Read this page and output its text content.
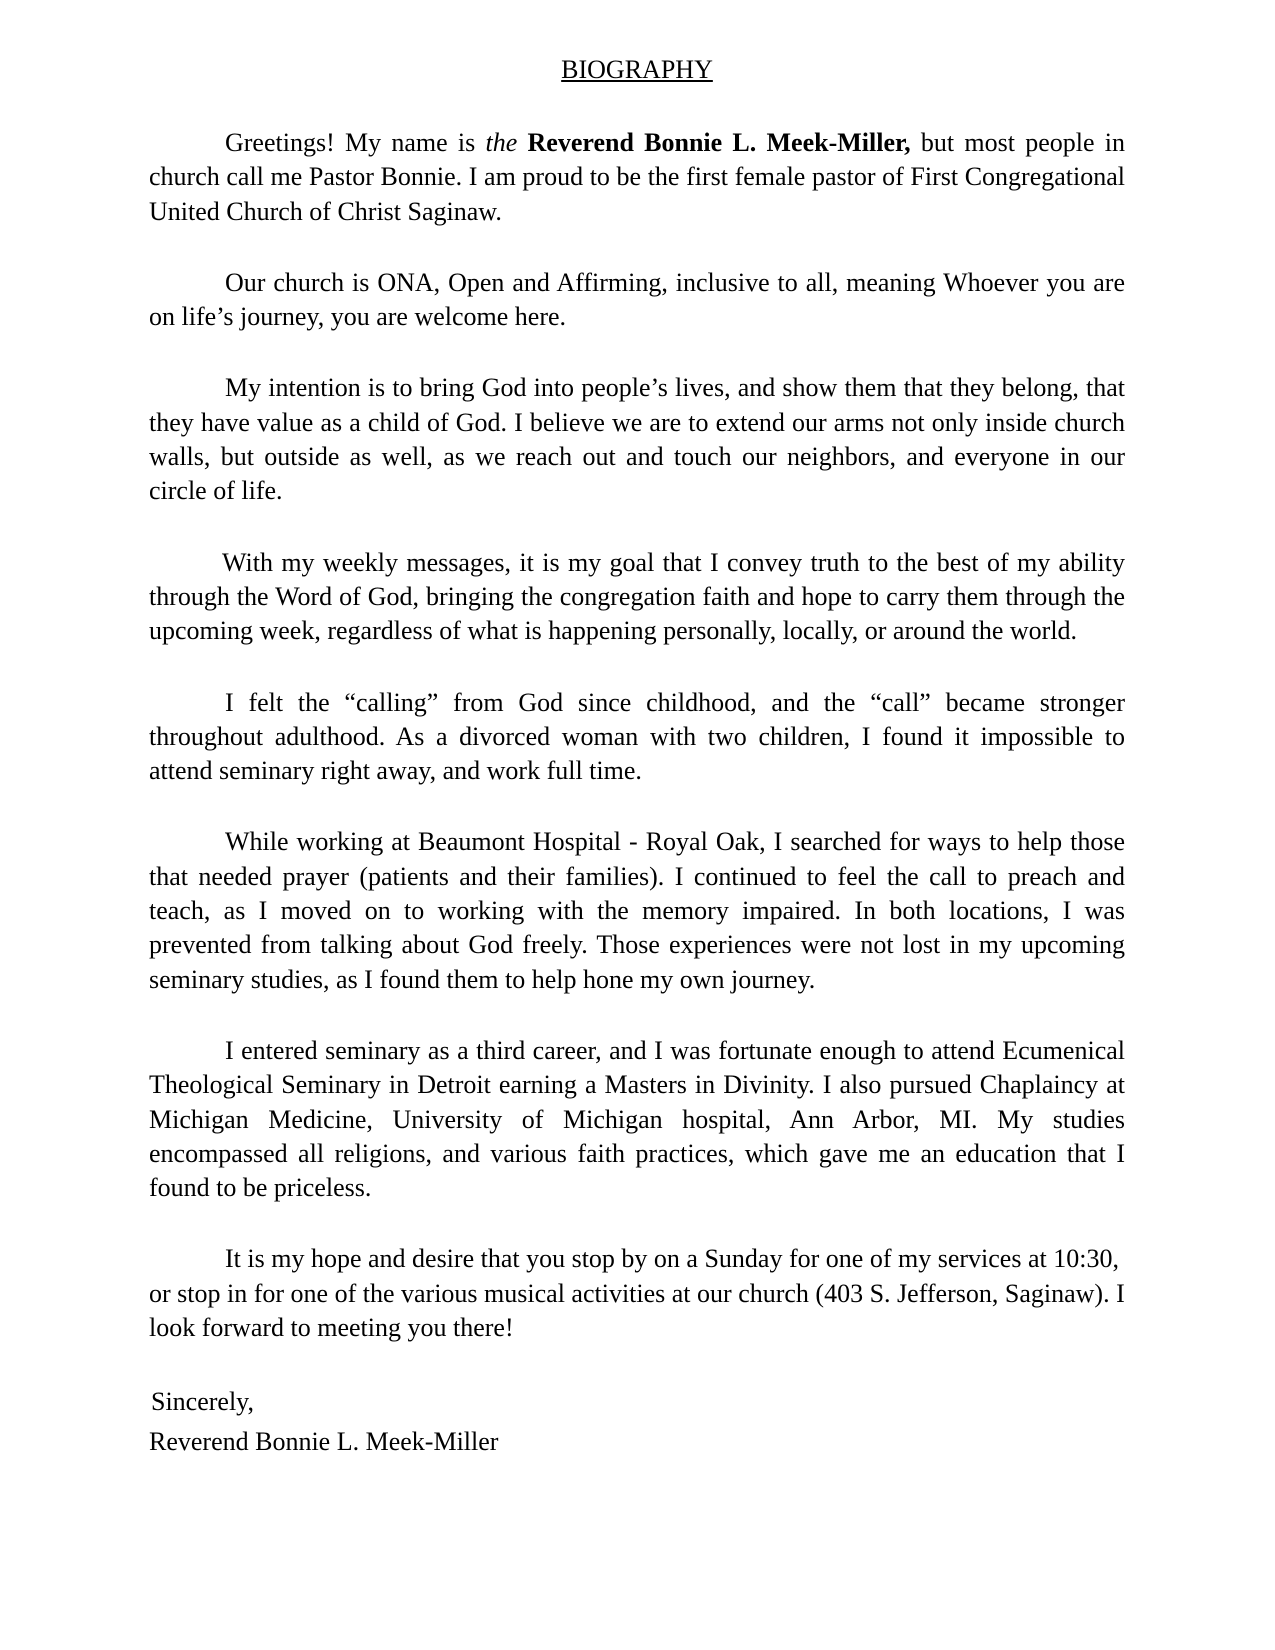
BIOGRAPHY

Greetings! My name is the Reverend Bonnie L. Meek-Miller, but most people in church call me Pastor Bonnie. I am proud to be the first female pastor of First Congregational United Church of Christ Saginaw.

Our church is ONA, Open and Affirming, inclusive to all, meaning Whoever you are on life’s journey, you are welcome here.

My intention is to bring God into people’s lives, and show them that they belong, that they have value as a child of God. I believe we are to extend our arms not only inside church walls, but outside as well, as we reach out and touch our neighbors, and everyone in our circle of life.

With my weekly messages, it is my goal that I convey truth to the best of my ability through the Word of God, bringing the congregation faith and hope to carry them through the upcoming week, regardless of what is happening personally, locally, or around the world.

I felt the “calling” from God since childhood, and the “call” became stronger throughout adulthood. As a divorced woman with two children, I found it impossible to attend seminary right away, and work full time.

While working at Beaumont Hospital - Royal Oak, I searched for ways to help those that needed prayer (patients and their families). I continued to feel the call to preach and teach, as I moved on to working with the memory impaired. In both locations, I was prevented from talking about God freely. Those experiences were not lost in my upcoming seminary studies, as I found them to help hone my own journey.

I entered seminary as a third career, and I was fortunate enough to attend Ecumenical Theological Seminary in Detroit earning a Masters in Divinity. I also pursued Chaplaincy at Michigan Medicine, University of Michigan hospital, Ann Arbor, MI. My studies encompassed all religions, and various faith practices, which gave me an education that I found to be priceless.

It is my hope and desire that you stop by on a Sunday for one of my services at 10:30, or stop in for one of the various musical activities at our church (403 S. Jefferson, Saginaw). I look forward to meeting you there!

Sincerely,
Reverend Bonnie L. Meek-Miller
